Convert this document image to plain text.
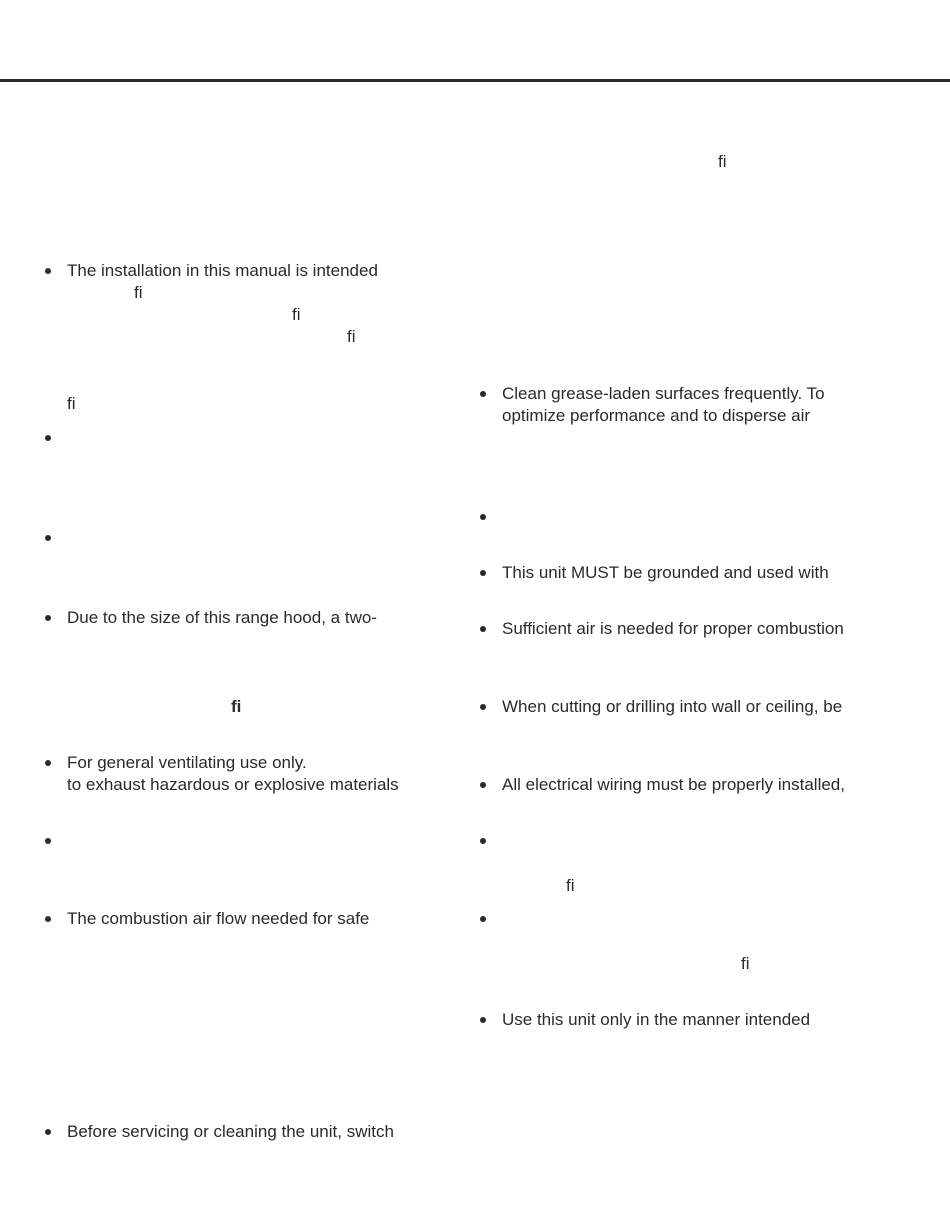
The installation in this manual is intended
fi
fi
fi
fi
Due to the size of this range hood, a two-
fi
For general ventilating use only.
to exhaust hazardous or explosive materials
The combustion air flow needed for safe
Before servicing or cleaning the unit, switch
fi
Clean grease-laden surfaces frequently. To
optimize performance and to disperse air
This unit MUST be grounded and used with
Sufficient air is needed for proper combustion
When cutting or drilling into wall or ceiling, be
All electrical wiring must be properly installed,
fi
fi
Use this unit only in the manner intended
